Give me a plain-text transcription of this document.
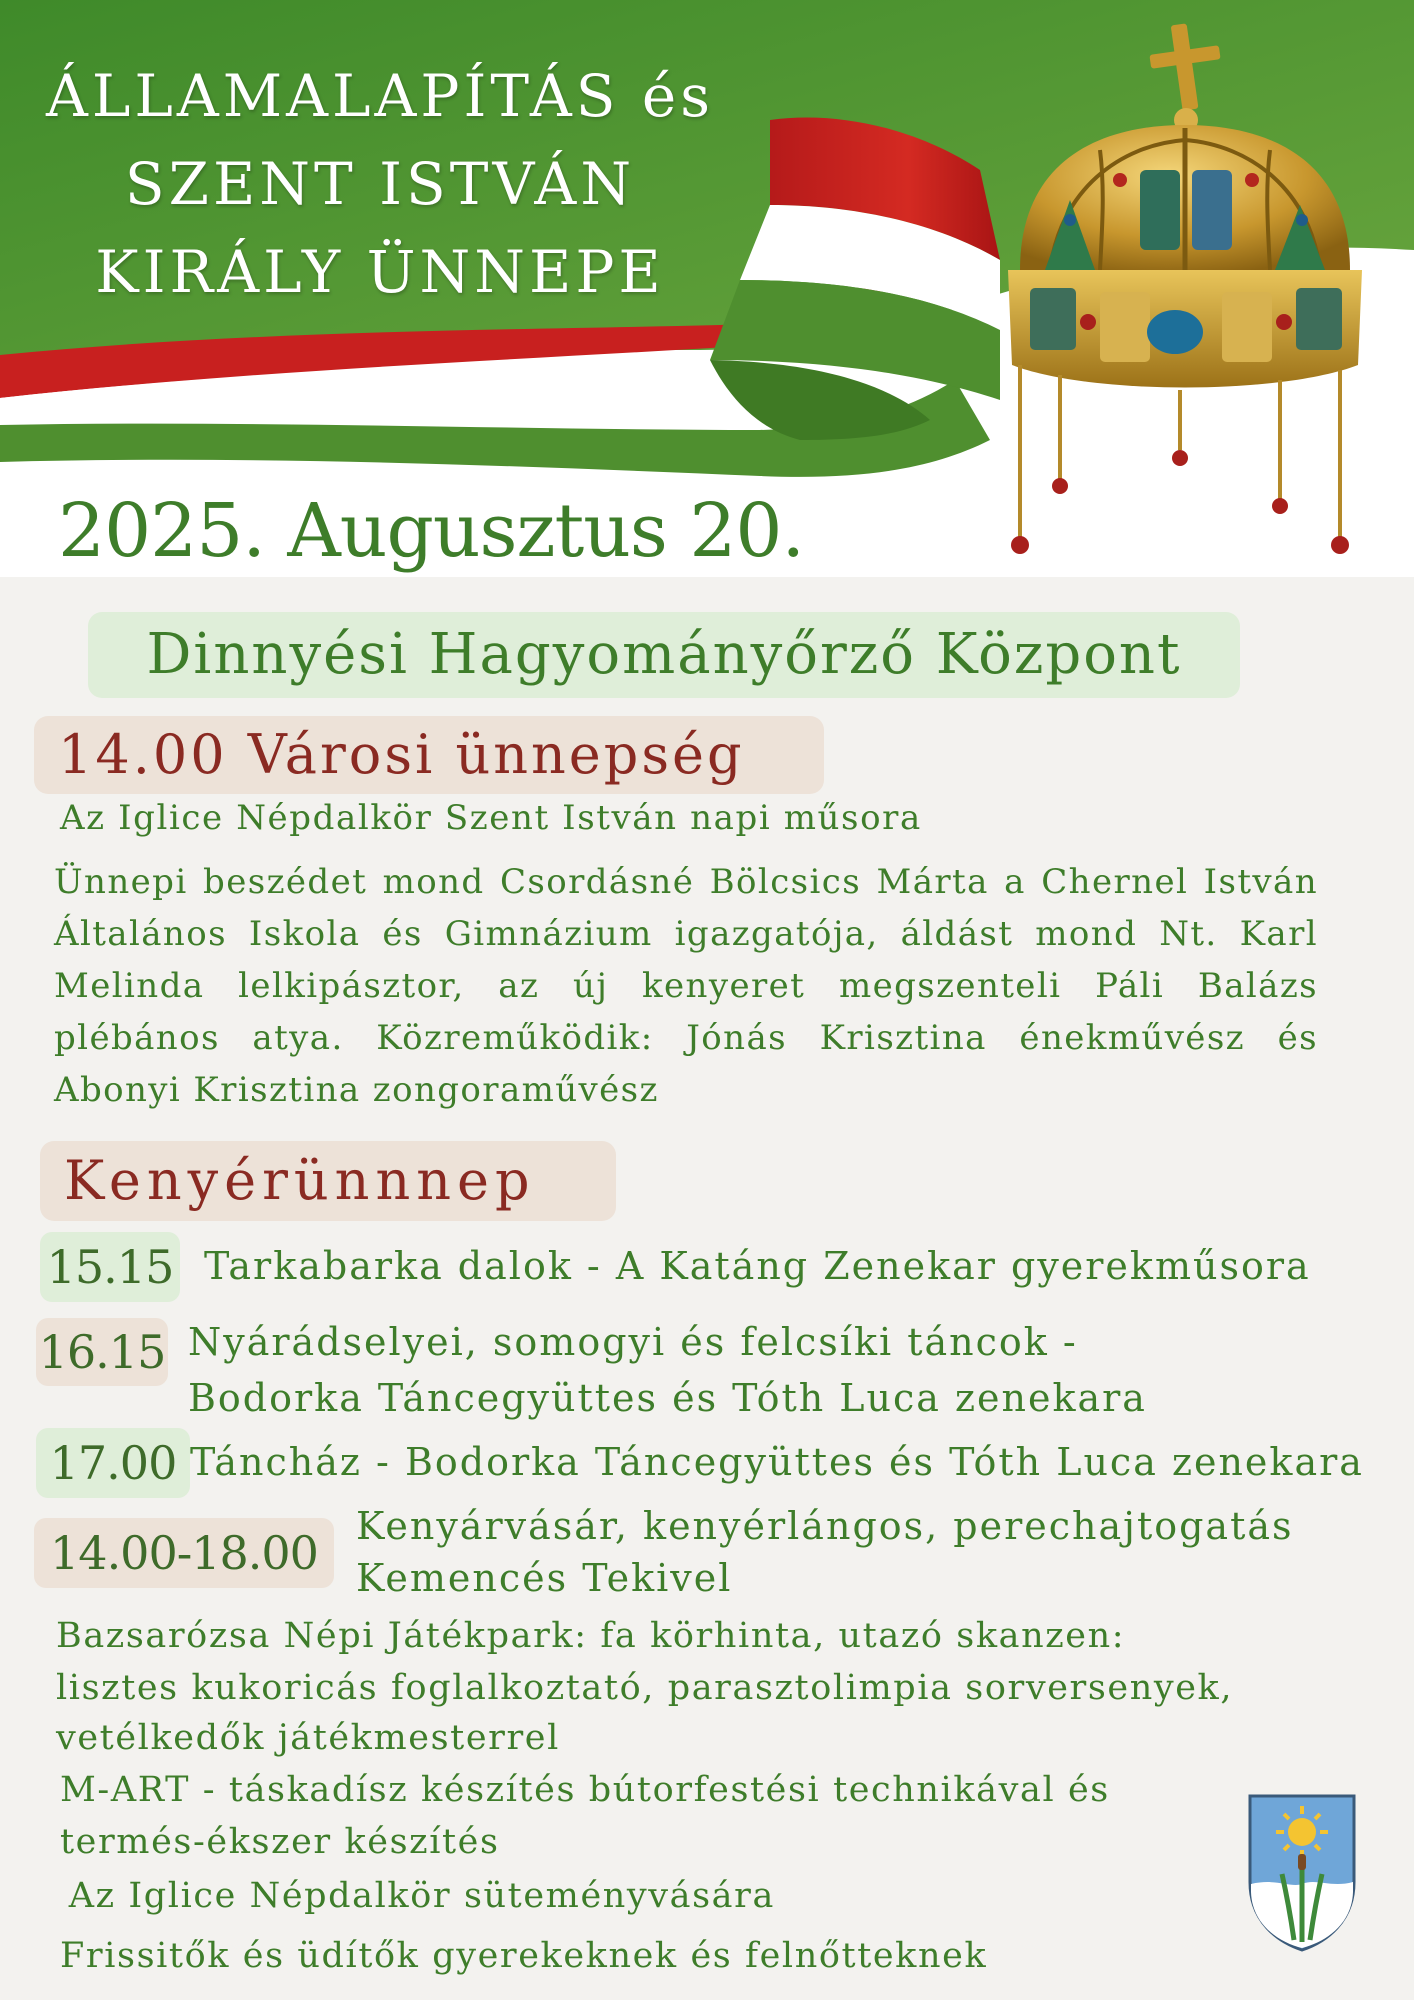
ÁLLAMALAPÍTÁS és
SZENT ISTVÁN
KIRÁLY ÜNNEPE
2025. Augusztus 20.
Dinnyési Hagyományőrző Központ
14.00 Városi ünnepség
Az Iglice Népdalkör Szent István napi műsora
Ünnepi beszédet mond Csordásné Bölcsics Márta a Chernel István Általános Iskola és Gimnázium igazgatója, áldást mond Nt. Karl Melinda lelkipásztor, az új kenyeret megszenteli Páli Balázs plébános atya. Közreműködik: Jónás Krisztina énekművész és Abonyi Krisztina zongoraművész
Kenyérünnnep
15.15 Tarkabarka dalok - A Katáng Zenekar gyerekműsora
16.15 Nyárádselyei, somogyi és felcsíki táncok -
Bodorka Táncegyüttes és Tóth Luca zenekara
17.00 Táncház - Bodorka Táncegyüttes és Tóth Luca zenekara
14.00-18.00	Kenyárvásár, kenyérlángos, perechajtogatás
Kemencés Tekivel
Bazsarózsa Népi Játékpark: fa körhinta, utazó skanzen:
lisztes kukoricás foglalkoztató, parasztolimpia sorversenyek,
vetélkedők játékmesterrel
M-ART - táskadísz készítés bútorfestési technikával és
termés-ékszer készítés
Az Iglice Népdalkör süteményvására
Frissitők és üdítők gyerekeknek és felnőtteknek
